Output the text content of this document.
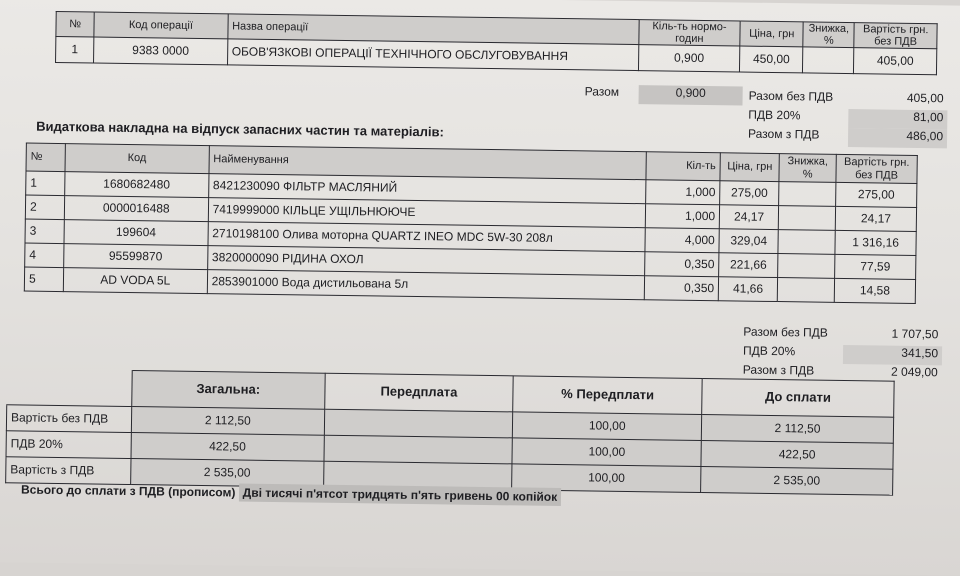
№	Код операції	Назва операції	Кіль-ть нормо-годин	Ціна, грн	Знижка, %	Вартість грн. без ПДВ
1	9383 0000	ОБОВ'ЯЗКОВІ ОПЕРАЦІЇ ТЕХНІЧНОГО ОБСЛУГОВУВАННЯ	0,900	450,00		405,00
Разом	0,900	Разом без ПДВ	405,00
ПДВ 20%	81,00
Разом з ПДВ	486,00
Видаткова накладна на відпуск запасних частин та матеріалів:
№	Код	Найменування	Кіл-ть	Ціна, грн	Знижка, %	Вартість грн. без ПДВ
1	1680682480	8421230090 ФІЛЬТР МАСЛЯНИЙ	1,000	275,00		275,00
2	0000016488	7419999000 КІЛЬЦЕ УЩІЛЬНЮЮЧЕ	1,000	24,17		24,17
3	199604	2710198100 Олива моторна QUARTZ INEO MDC 5W-30 208л	4,000	329,04		1 316,16
4	95599870	3820000090 РІДИНА ОХОЛ	0,350	221,66		77,59
5	AD VODA 5L	2853901000 Вода дистильована 5л	0,350	41,66		14,58
Разом без ПДВ	1 707,50
ПДВ 20%	341,50
Разом з ПДВ	2 049,00
	Загальна:	Передплата	% Передплати	До сплати
Вартість без ПДВ	2 112,50		100,00	2 112,50
ПДВ 20%	422,50		100,00	422,50
Вартість з ПДВ	2 535,00		100,00	2 535,00
Всього до сплати з ПДВ (прописом) Дві тисячі п'ятсот тридцять п'ять гривень 00 копійок
